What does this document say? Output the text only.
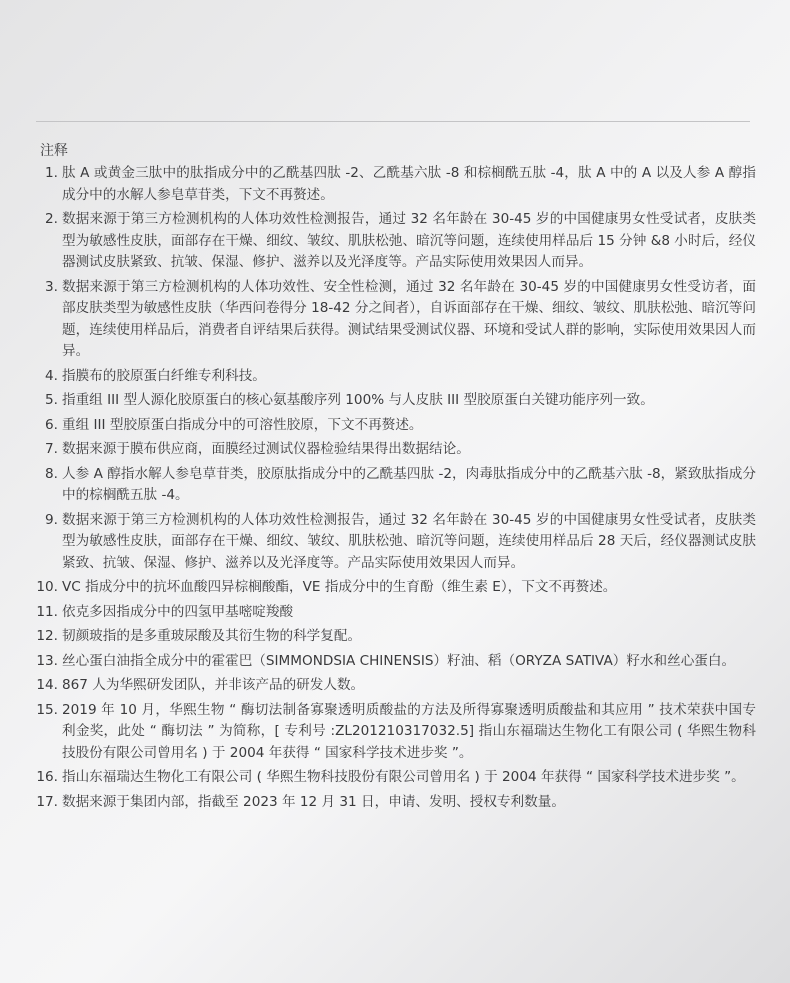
注释
1. 肽 A 或黄金三肽中的肽指成分中的乙酰基四肽 -2、乙酰基六肽 -8 和棕榈酰五肽 -4，肽 A 中的 A 以及人参 A 醇指成分中的水解人参皂草苷类，下文不再赘述。
2. 数据来源于第三方检测机构的人体功效性检测报告，通过 32 名年龄在 30-45 岁的中国健康男女性受试者，皮肤类型为敏感性皮肤，面部存在干燥、细纹、皱纹、肌肤松弛、暗沉等问题，连续使用样品后 15 分钟 &8 小时后，经仪器测试皮肤紧致、抗皱、保湿、修护、滋养以及光泽度等。产品实际使用效果因人而异。
3. 数据来源于第三方检测机构的人体功效性、安全性检测，通过 32 名年龄在 30-45 岁的中国健康男女性受访者，面部皮肤类型为敏感性皮肤（华西问卷得分 18-42 分之间者），自诉面部存在干燥、细纹、皱纹、肌肤松弛、暗沉等问题，连续使用样品后，消费者自评结果后获得。测试结果受测试仪器、环境和受试人群的影响，实际使用效果因人而异。
4. 指膜布的胶原蛋白纤维专利科技。
5. 指重组 III 型人源化胶原蛋白的核心氨基酸序列 100% 与人皮肤 III 型胶原蛋白关键功能序列一致。
6. 重组 III 型胶原蛋白指成分中的可溶性胶原，下文不再赘述。
7. 数据来源于膜布供应商，面膜经过测试仪器检验结果得出数据结论。
8. 人参 A 醇指水解人参皂草苷类，胶原肽指成分中的乙酰基四肽 -2，肉毒肽指成分中的乙酰基六肽 -8，紧致肽指成分中的棕榈酰五肽 -4。
9. 数据来源于第三方检测机构的人体功效性检测报告，通过 32 名年龄在 30-45 岁的中国健康男女性受试者，皮肤类型为敏感性皮肤，面部存在干燥、细纹、皱纹、肌肤松弛、暗沉等问题，连续使用样品后 28 天后，经仪器测试皮肤紧致、抗皱、保湿、修护、滋养以及光泽度等。产品实际使用效果因人而异。
10. VC 指成分中的抗坏血酸四异棕榈酸酯，VE 指成分中的生育酚（维生素 E），下文不再赘述。
11. 依克多因指成分中的四氢甲基嘧啶羧酸
12. 韧颜玻指的是多重玻尿酸及其衍生物的科学复配。
13. 丝心蛋白油指全成分中的霍霍巴（SIMMONDSIA CHINENSIS）籽油、稻（ORYZA SATIVA）籽水和丝心蛋白。
14. 867 人为华熙研发团队，并非该产品的研发人数。
15. 2019 年 10 月，华熙生物 “ 酶切法制备寡聚透明质酸盐的方法及所得寡聚透明质酸盐和其应用 ” 技术荣获中国专利金奖，此处 “ 酶切法 ” 为简称，[ 专利号 :ZL201210317032.5] 指山东福瑞达生物化工有限公司 ( 华熙生物科技股份有限公司曾用名 ) 于 2004 年获得 “ 国家科学技术进步奖 ”。
16. 指山东福瑞达生物化工有限公司 ( 华熙生物科技股份有限公司曾用名 ) 于 2004 年获得 “ 国家科学技术进步奖 ”。
17. 数据来源于集团内部，指截至 2023 年 12 月 31 日，申请、发明、授权专利数量。
